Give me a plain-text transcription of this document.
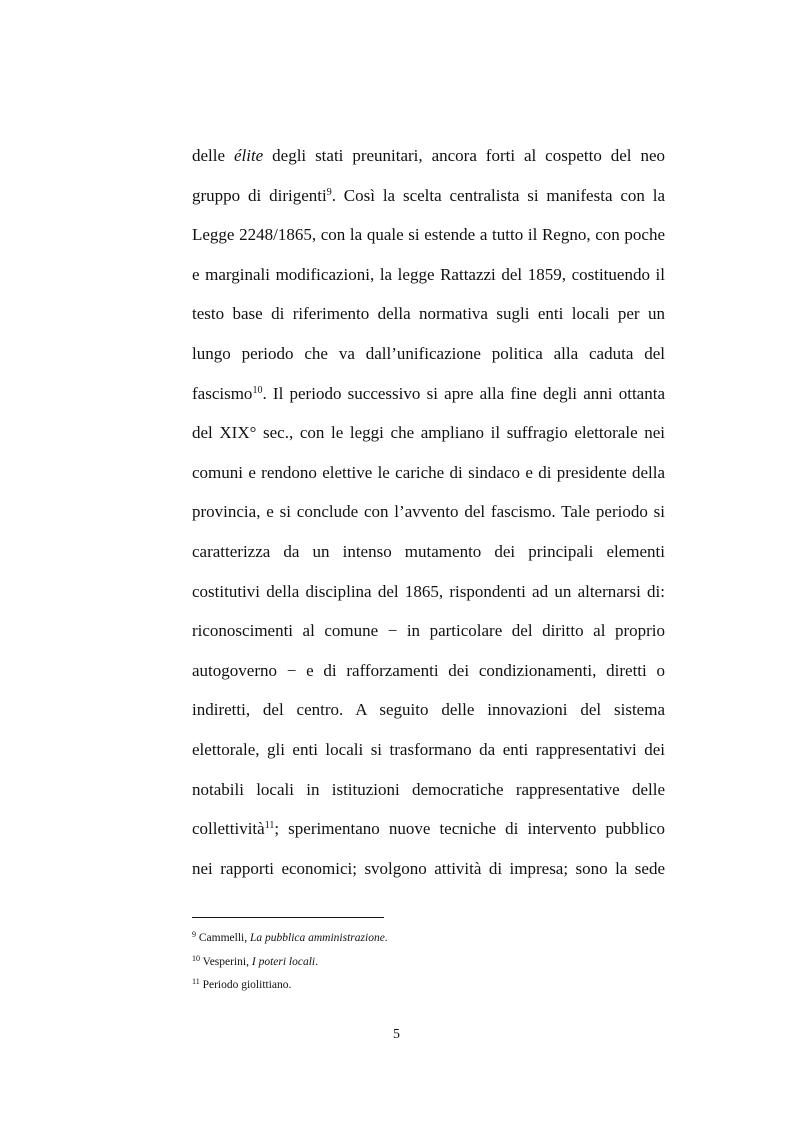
delle élite degli stati preunitari, ancora forti al cospetto del neo
gruppo di dirigenti$^9$. Così la scelta centralista si manifesta con la
Legge 2248/1865, con la quale si estende a tutto il Regno, con poche
e marginali modificazioni, la legge Rattazzi del 1859, costituendo il
testo base di riferimento della normativa sugli enti locali per un
lungo periodo che va dall’unificazione politica alla caduta del
fascismo$^{10}$. Il periodo successivo si apre alla fine degli anni ottanta
del XIX° sec., con le leggi che ampliano il suffragio elettorale nei
comuni e rendono elettive le cariche di sindaco e di presidente della
provincia, e si conclude con l’avvento del fascismo. Tale periodo si
caratterizza da un intenso mutamento dei principali elementi
costitutivi della disciplina del 1865, rispondenti ad un alternarsi di:
riconoscimenti al comune − in particolare del diritto al proprio
autogoverno − e di rafforzamenti dei condizionamenti, diretti o
indiretti, del centro. A seguito delle innovazioni del sistema
elettorale, gli enti locali si trasformano da enti rappresentativi dei
notabili locali in istituzioni democratiche rappresentative delle
collettività$^{11}$; sperimentano nuove tecniche di intervento pubblico
nei rapporti economici; svolgono attività di impresa; sono la sede
$^9$ Cammelli, La pubblica amministrazione.
$^{10}$ Vesperini, I poteri locali.
$^{11}$ Periodo giolittiano.
5
